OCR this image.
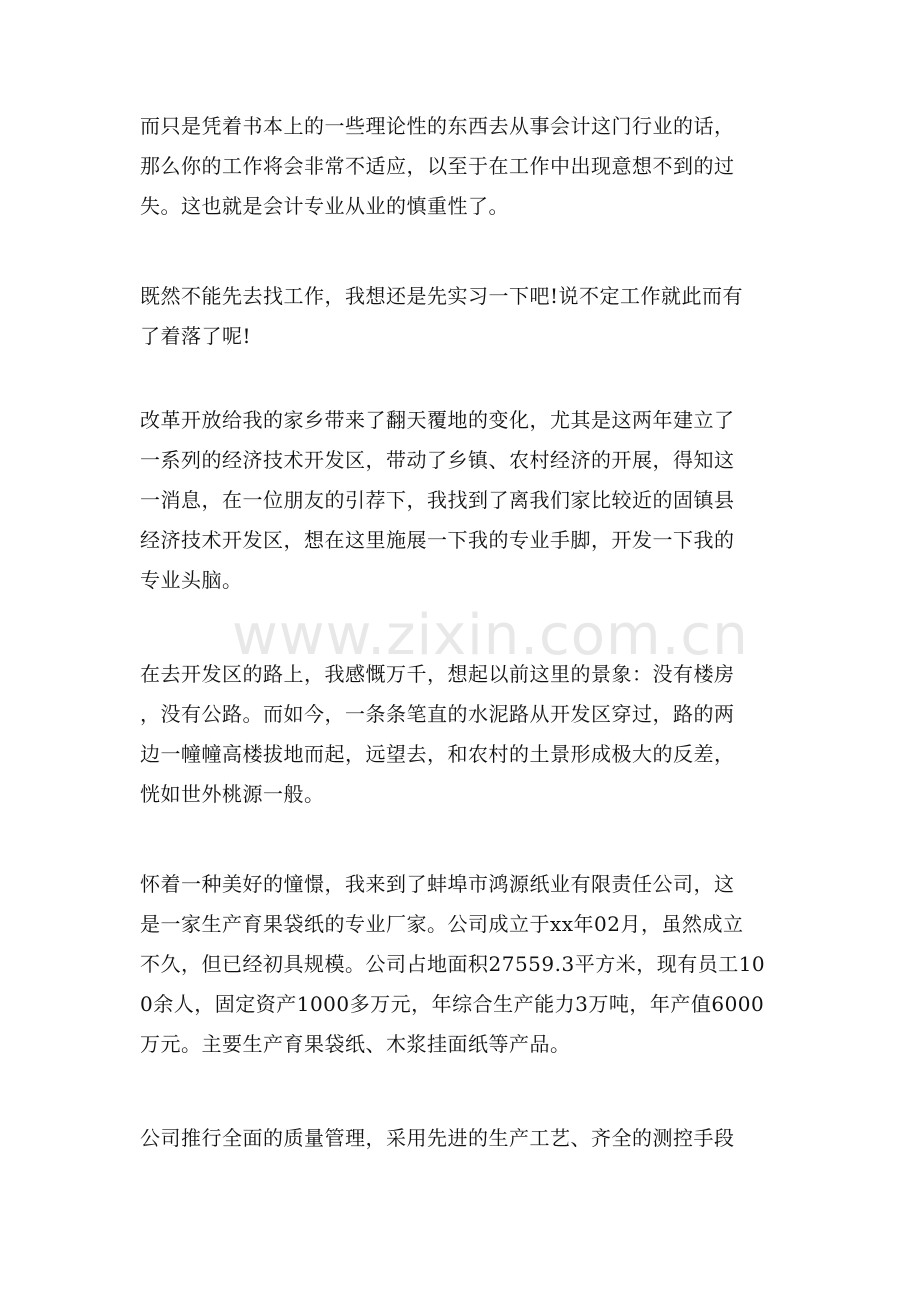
而只是凭着书本上的一些理论性的东西去从事会计这门行业的话，
那么你的工作将会非常不适应，以至于在工作中出现意想不到的过
失。这也就是会计专业从业的慎重性了。
既然不能先去找工作，我想还是先实习一下吧!说不定工作就此而有
了着落了呢!
改革开放给我的家乡带来了翻天覆地的变化，尤其是这两年建立了
一系列的经济技术开发区，带动了乡镇、农村经济的开展，得知这
一消息，在一位朋友的引荐下，我找到了离我们家比较近的固镇县
经济技术开发区，想在这里施展一下我的专业手脚，开发一下我的
专业头脑。
www.zixin.com.cn
在去开发区的路上，我感慨万千，想起以前这里的景象：没有楼房
，没有公路。而如今，一条条笔直的水泥路从开发区穿过，路的两
边一幢幢高楼拔地而起，远望去，和农村的土景形成极大的反差，
恍如世外桃源一般。
怀着一种美好的憧憬，我来到了蚌埠市鸿源纸业有限责任公司，这
是一家生产育果袋纸的专业厂家。公司成立于xx年02月，虽然成立
不久，但已经初具规模。公司占地面积27559.3平方米，现有员工10
0余人，固定资产1000多万元，年综合生产能力3万吨，年产值6000
万元。主要生产育果袋纸、木浆挂面纸等产品。
公司推行全面的质量管理，采用先进的生产工艺、齐全的测控手段
